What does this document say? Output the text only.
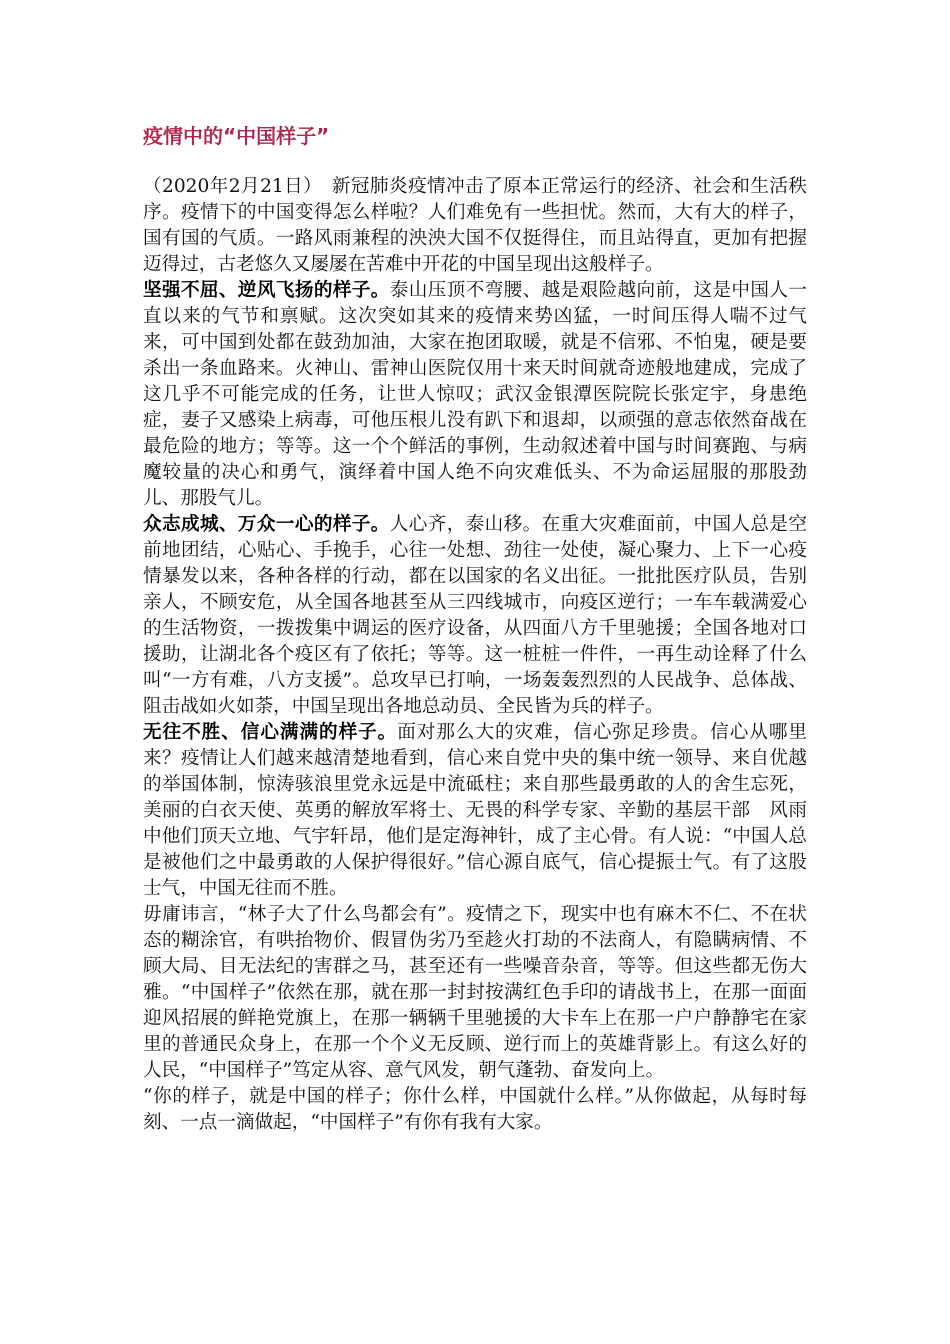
疫情中的“中国样子”

（2020年2月21日）　新冠肺炎疫情冲击了原本正常运行的经济、社会和生活秩序。疫情下的中国变得怎么样啦？人们难免有一些担忧。然而，大有大的样子，国有国的气质。一路风雨兼程的泱泱大国不仅挺得住，而且站得直，更加有把握迈得过，古老悠久又屡屡在苦难中开花的中国呈现出这般样子。

坚强不屈、逆风飞扬的样子。泰山压顶不弯腰、越是艰险越向前，这是中国人一直以来的气节和禀赋。这次突如其来的疫情来势凶猛，一时间压得人喘不过气来，可中国到处都在鼓劲加油，大家在抱团取暖，就是不信邪、不怕鬼，硬是要杀出一条血路来。火神山、雷神山医院仅用十来天时间就奇迹般地建成，完成了这几乎不可能完成的任务，让世人惊叹；武汉金银潭医院院长张定宇，身患绝症，妻子又感染上病毒，可他压根儿没有趴下和退却，以顽强的意志依然奋战在最危险的地方；等等。这一个个鲜活的事例，生动叙述着中国与时间赛跑、与病魔较量的决心和勇气，演绎着中国人绝不向灾难低头、不为命运屈服的那股劲儿、那股气儿。

众志成城、万众一心的样子。人心齐，泰山移。在重大灾难面前，中国人总是空前地团结，心贴心、手挽手，心往一处想、劲往一处使，凝心聚力、上下一心疫情暴发以来，各种各样的行动，都在以国家的名义出征。一批批医疗队员，告别亲人，不顾安危，从全国各地甚至从三四线城市，向疫区逆行；一车车载满爱心的生活物资，一拨拨集中调运的医疗设备，从四面八方千里驰援；全国各地对口援助，让湖北各个疫区有了依托；等等。这一桩桩一件件，一再生动诠释了什么叫“一方有难，八方支援”。总攻早已打响，一场轰轰烈烈的人民战争、总体战、阻击战如火如荼，中国呈现出各地总动员、全民皆为兵的样子。

无往不胜、信心满满的样子。面对那么大的灾难，信心弥足珍贵。信心从哪里来？疫情让人们越来越清楚地看到，信心来自党中央的集中统一领导、来自优越的举国体制，惊涛骇浪里党永远是中流砥柱；来自那些最勇敢的人的舍生忘死，美丽的白衣天使、英勇的解放军将士、无畏的科学专家、辛勤的基层干部　风雨中他们顶天立地、气宇轩昂，他们是定海神针，成了主心骨。有人说：“中国人总是被他们之中最勇敢的人保护得很好。”信心源自底气，信心提振士气。有了这股士气，中国无往而不胜。

毋庸讳言，“林子大了什么鸟都会有”。疫情之下，现实中也有麻木不仁、不在状态的糊涂官，有哄抬物价、假冒伪劣乃至趁火打劫的不法商人，有隐瞒病情、不顾大局、目无法纪的害群之马，甚至还有一些噪音杂音，等等。但这些都无伤大雅。“中国样子”依然在那，就在那一封封按满红色手印的请战书上，在那一面面迎风招展的鲜艳党旗上，在那一辆辆千里驰援的大卡车上在那一户户静静宅在家里的普通民众身上，在那一个个义无反顾、逆行而上的英雄背影上。有这么好的人民，“中国样子”笃定从容、意气风发，朝气蓬勃、奋发向上。

“你的样子，就是中国的样子；你什么样，中国就什么样。”从你做起，从每时每刻、一点一滴做起，“中国样子”有你有我有大家。
